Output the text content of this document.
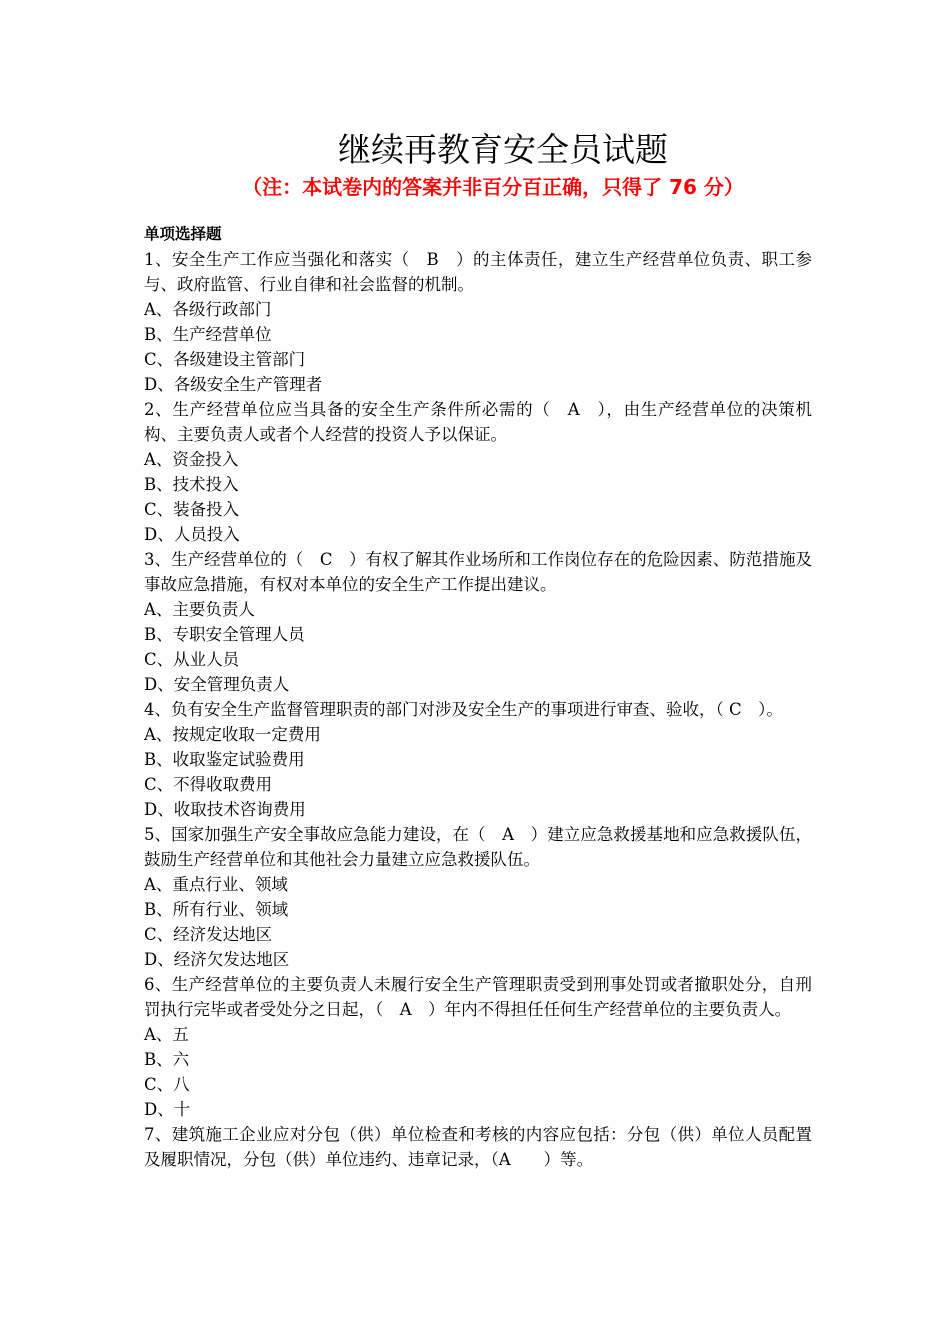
继续再教育安全员试题

（注：本试卷内的答案并非百分百正确，只得了 76 分）

单项选择题

1、安全生产工作应当强化和落实（　B　）的主体责任，建立生产经营单位负责、职工参与、政府监管、行业自律和社会监督的机制。

A、各级行政部门
B、生产经营单位
C、各级建设主管部门
D、各级安全生产管理者

2、生产经营单位应当具备的安全生产条件所必需的（　A　），由生产经营单位的决策机构、主要负责人或者个人经营的投资人予以保证。

A、资金投入
B、技术投入
C、装备投入
D、人员投入

3、生产经营单位的（　C　）有权了解其作业场所和工作岗位存在的危险因素、防范措施及事故应急措施，有权对本单位的安全生产工作提出建议。

A、主要负责人
B、专职安全管理人员
C、从业人员
D、安全管理负责人

4、负有安全生产监督管理职责的部门对涉及安全生产的事项进行审查、验收，（ C　）。

A、按规定收取一定费用
B、收取鉴定试验费用
C、不得收取费用
D、收取技术咨询费用

5、国家加强生产安全事故应急能力建设，在（　A　）建立应急救援基地和应急救援队伍，鼓励生产经营单位和其他社会力量建立应急救援队伍。

A、重点行业、领域
B、所有行业、领域
C、经济发达地区
D、经济欠发达地区

6、生产经营单位的主要负责人未履行安全生产管理职责受到刑事处罚或者撤职处分，自刑罚执行完毕或者受处分之日起，（　A　）年内不得担任任何生产经营单位的主要负责人。

A、五
B、六
C、八
D、十

7、建筑施工企业应对分包（供）单位检查和考核的内容应包括：分包（供）单位人员配置及履职情况，分包（供）单位违约、违章记录，（A　　）等。
